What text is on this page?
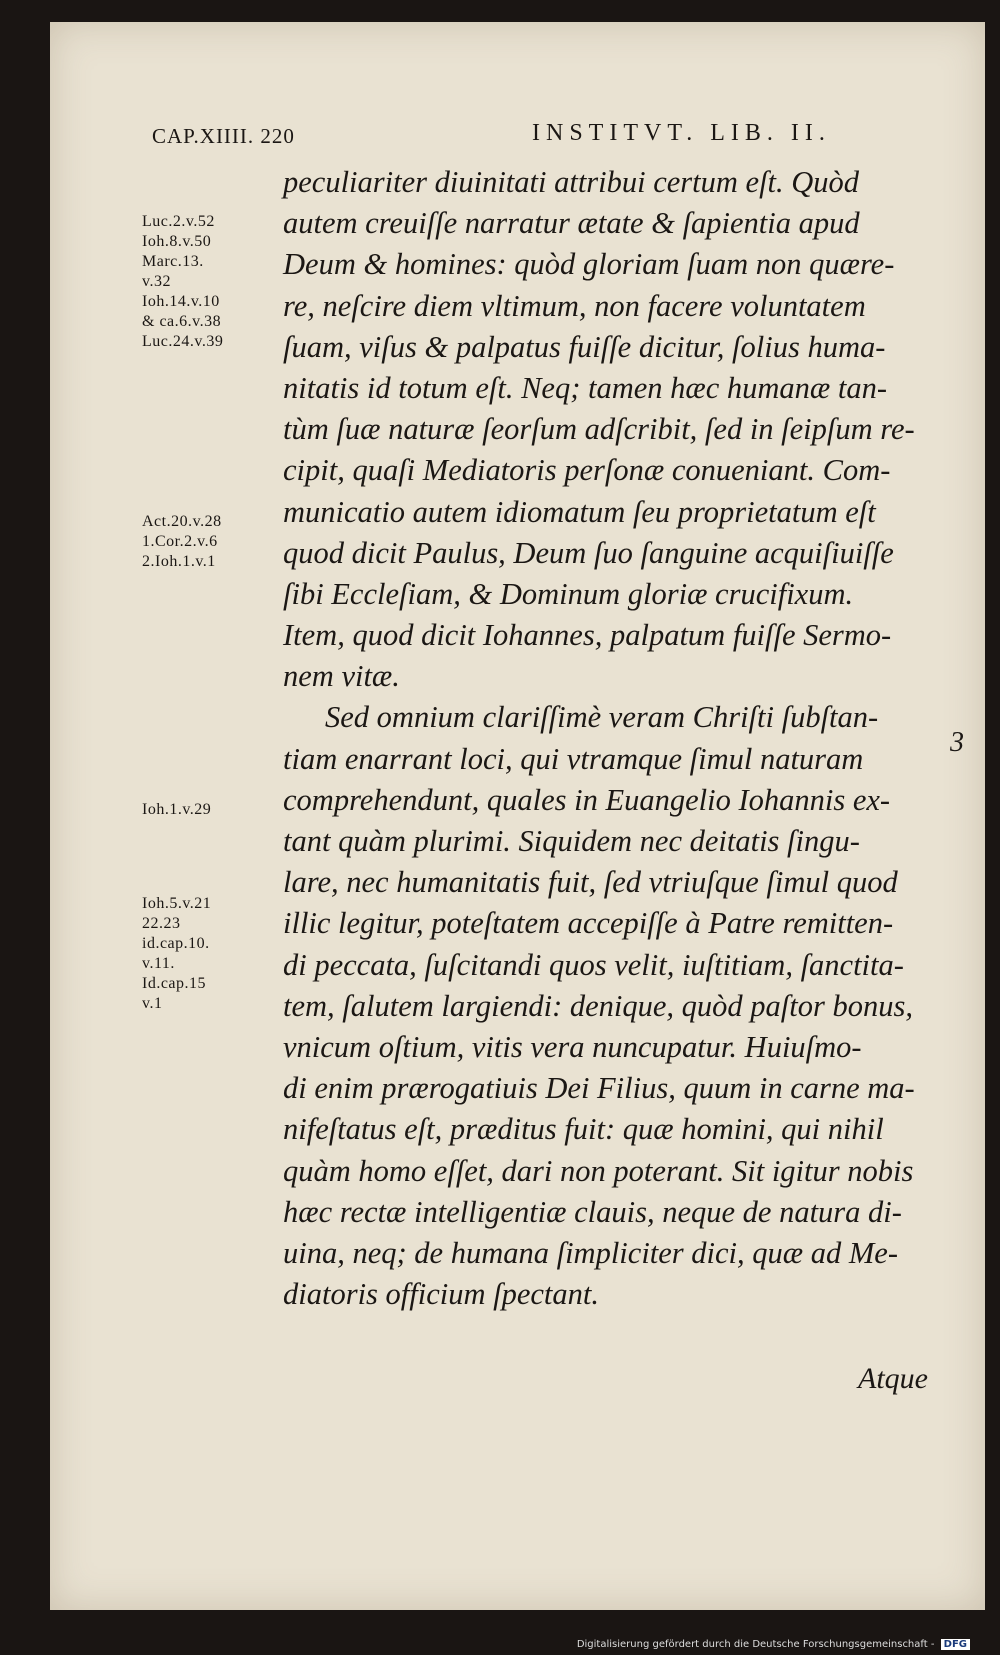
CAP.XIIII. 220	INSTITVT. LIB. II.
peculiariter diuinitati attribui certum eſt. Quòd
autem creuiſſe narratur ætate & ſapientia apud
Deum & homines: quòd gloriam ſuam non quære-
re, neſcire diem vltimum, non facere voluntatem
ſuam, viſus & palpatus fuiſſe dicitur, ſolius huma-
nitatis id totum eſt. Neq; tamen hæc humanæ tan-
tùm ſuæ naturæ ſeorſum adſcribit, ſed in ſeipſum re-
cipit, quaſi Mediatoris perſonæ conueniant. Com-
municatio autem idiomatum ſeu proprietatum eſt
quod dicit Paulus, Deum ſuo ſanguine acquiſiuiſſe
ſibi Eccleſiam, & Dominum gloriæ crucifixum.
Item, quod dicit Iohannes, palpatum fuiſſe Sermo-
nem vitæ.
Sed omnium clariſſimè veram Chriſti ſubſtan-
tiam enarrant loci, qui vtramque ſimul naturam
comprehendunt, quales in Euangelio Iohannis ex-
tant quàm plurimi. Siquidem nec deitatis ſingu-
lare, nec humanitatis fuit, ſed vtriuſque ſimul quod
illic legitur, poteſtatem accepiſſe à Patre remitten-
di peccata, ſuſcitandi quos velit, iuſtitiam, ſanctita-
tem, ſalutem largiendi: denique, quòd paſtor bonus,
vnicum oſtium, vitis vera nuncupatur. Huiuſmo-
di enim prærogatiuis Dei Filius, quum in carne ma-
nifeſtatus eſt, præditus fuit: quæ homini, qui nihil
quàm homo eſſet, dari non poterant. Sit igitur nobis
hæc rectæ intelligentiæ clauis, neque de natura di-
uina, neq; de humana ſimpliciter dici, quæ ad Me-
diatoris officium ſpectant.
Luc.2.v.52
Ioh.8.v.50
Marc.13.
v.32
Ioh.14.v.10
& ca.6.v.38
Luc.24.v.39
Act.20.v.28
1.Cor.2.v.6
2.Ioh.1.v.1
Ioh.1.v.29
Ioh.5.v.21
22.23
id.cap.10.
v.11.
Id.cap.15
v.1
3
Atque
Digitalisierung gefördert durch die Deutsche Forschungsgemeinschaft - DFG
